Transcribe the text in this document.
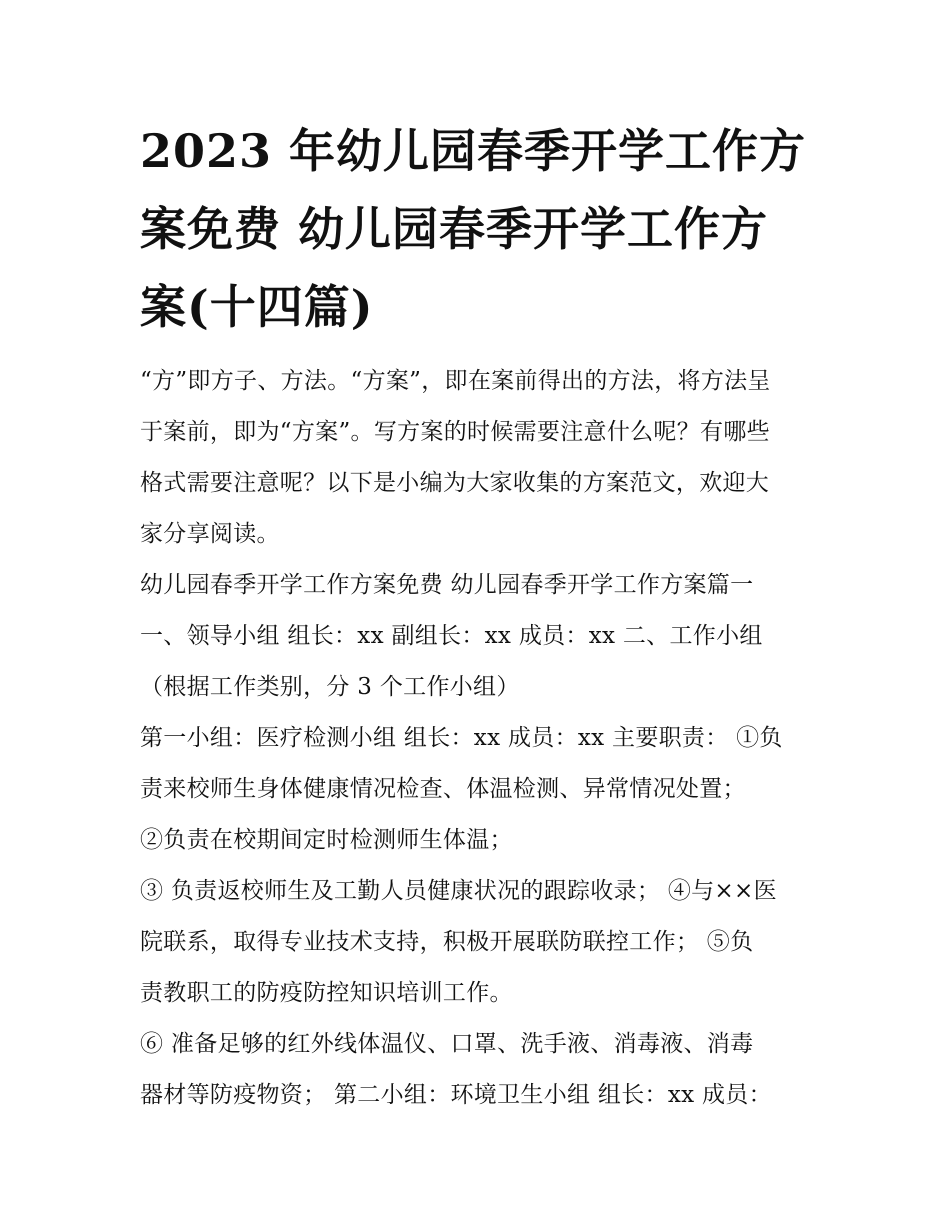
2023 年幼儿园春季开学工作方
案免费 幼儿园春季开学工作方
案(十四篇)
“方”即方子、方法。“方案”，即在案前得出的方法，将方法呈
于案前，即为“方案”。写方案的时候需要注意什么呢？有哪些
格式需要注意呢？以下是小编为大家收集的方案范文，欢迎大
家分享阅读。
幼儿园春季开学工作方案免费 幼儿园春季开学工作方案篇一
一、领导小组 组长：xx 副组长：xx 成员：xx 二、工作小组
（根据工作类别，分 3 个工作小组）
第一小组：医疗检测小组 组长：xx 成员：xx 主要职责： ①负
责来校师生身体健康情况检查、体温检测、异常情况处置；
②负责在校期间定时检测师生体温；
③ 负责返校师生及工勤人员健康状况的跟踪收录； ④与××医
院联系，取得专业技术支持，积极开展联防联控工作； ⑤负
责教职工的防疫防控知识培训工作。
⑥ 准备足够的红外线体温仪、口罩、洗手液、消毒液、消毒
器材等防疫物资； 第二小组：环境卫生小组 组长：xx 成员：
